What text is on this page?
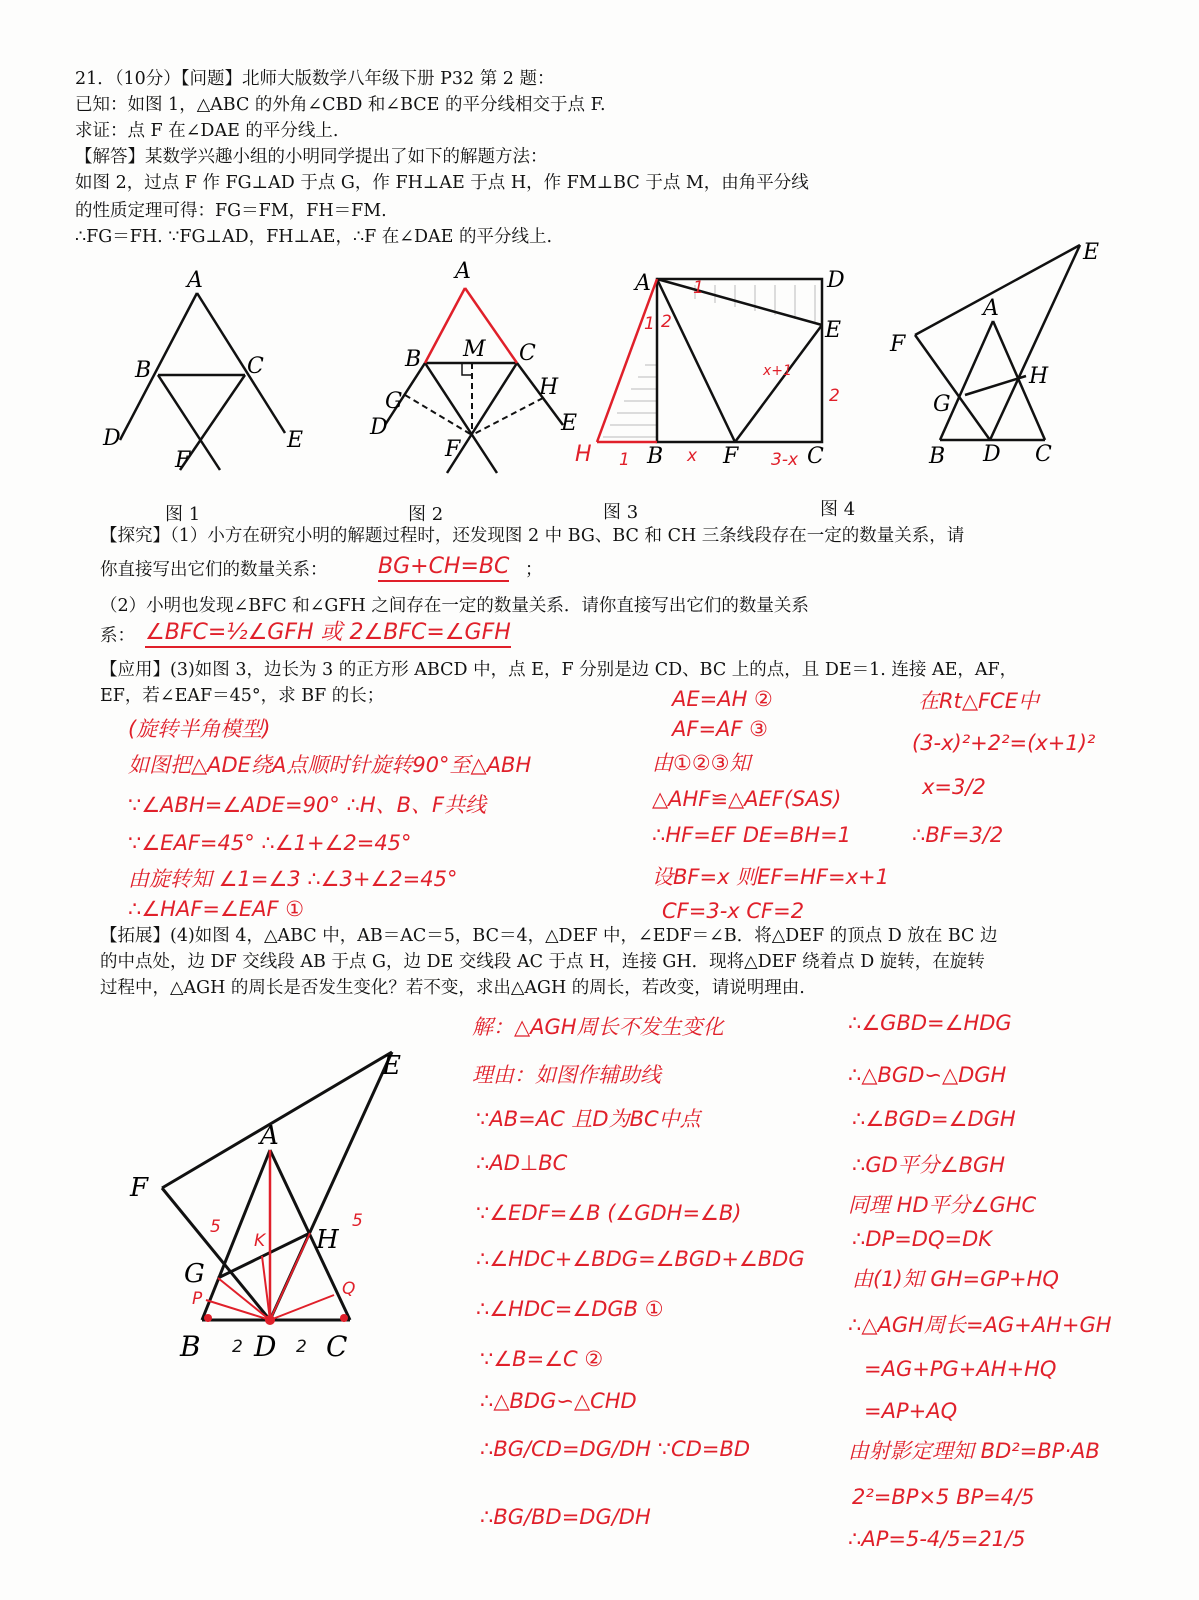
21．（10分）【问题】北师大版数学八年级下册 P32 第 2 题：
已知：如图 1，△ABC 的外角∠CBD 和∠BCE 的平分线相交于点 F.
求证：点 F 在∠DAE 的平分线上.
【解答】某数学兴趣小组的小明同学提出了如下的解题方法：
如图 2，过点 F 作 FG⊥AD 于点 G，作 FH⊥AE 于点 H，作 FM⊥BC 于点 M，由角平分线
的性质定理可得：FG＝FM，FH＝FM.
∴FG＝FH. ∵FG⊥AD，FH⊥AE，∴F 在∠DAE 的平分线上.
A
B	C
D	E
F
图 1
A
M
B	C
G
H
D	E
F
图 2
A	D
E
B	F	C
H
1
1 2
x+1
2
1	x	3-x
图 3
E
A
F
H
G
B D C
图 4
【探究】（1）小方在研究小明的解题过程时，还发现图 2 中 BG、BC 和 CH 三条线段存在一定的数量关系，请
你直接写出它们的数量关系： BG+CH=BC ；
（2）小明也发现∠BFC 和∠GFH 之间存在一定的数量关系．请你直接写出它们的数量关系
系： ∠BFC=½∠GFH 或 2∠BFC=∠GFH
【应用】(3)如图 3，边长为 3 的正方形 ABCD 中，点 E，F 分别是边 CD、BC 上的点，且 DE＝1. 连接 AE，AF，
EF，若∠EAF＝45°，求 BF 的长；
(旋转半角模型)
如图把△ADE绕A点顺时针旋转90°至△ABH
∵∠ABH=∠ADE=90° ∴H、B、F共线
∵∠EAF=45° ∴∠1+∠2=45°
由旋转知 ∠1=∠3 ∴∠3+∠2=45°
∴∠HAF=∠EAF ①
AE=AH ②
AF=AF ③
由①②③知
△AHF≌△AEF(SAS)
∴HF=EF DE=BH=1
设BF=x 则EF=HF=x+1
CF=3-x CF=2
在Rt△FCE中
(3-x)²+2²=(x+1)²
x=3/2
∴BF=3/2
【拓展】(4)如图 4，△ABC 中，AB＝AC＝5，BC＝4，△DEF 中，∠EDF＝∠B．将△DEF 的顶点 D 放在 BC 边
的中点处，边 DF 交线段 AB 于点 G，边 DE 交线段 AC 于点 H，连接 GH．现将△DEF 绕着点 D 旋转，在旋转
过程中，△AGH 的周长是否发生变化？若不变，求出△AGH 的周长，若改变，请说明理由.
E
A
F
H
G
B D C
5	5
K
P	Q
2	2
解：△AGH周长不发生变化
理由：如图作辅助线
∵AB=AC 且D为BC中点
∴AD⊥BC
∵∠EDF=∠B (∠GDH=∠B)
∴∠HDC+∠BDG=∠BGD+∠BDG
∴∠HDC=∠DGB ①
∵∠B=∠C ②
∴△BDG∽△CHD
∴BG/CD=DG/DH ∵CD=BD
∴BG/BD=DG/DH
∴∠GBD=∠HDG
∴△BGD∽△DGH
∴∠BGD=∠DGH
∴GD平分∠BGH
同理 HD平分∠GHC
∴DP=DQ=DK
由(1)知 GH=GP+HQ
∴△AGH周长=AG+AH+GH
=AG+PG+AH+HQ
=AP+AQ
由射影定理知 BD²=BP·AB
2²=BP×5 BP=4/5
∴AP=5-4/5=21/5
